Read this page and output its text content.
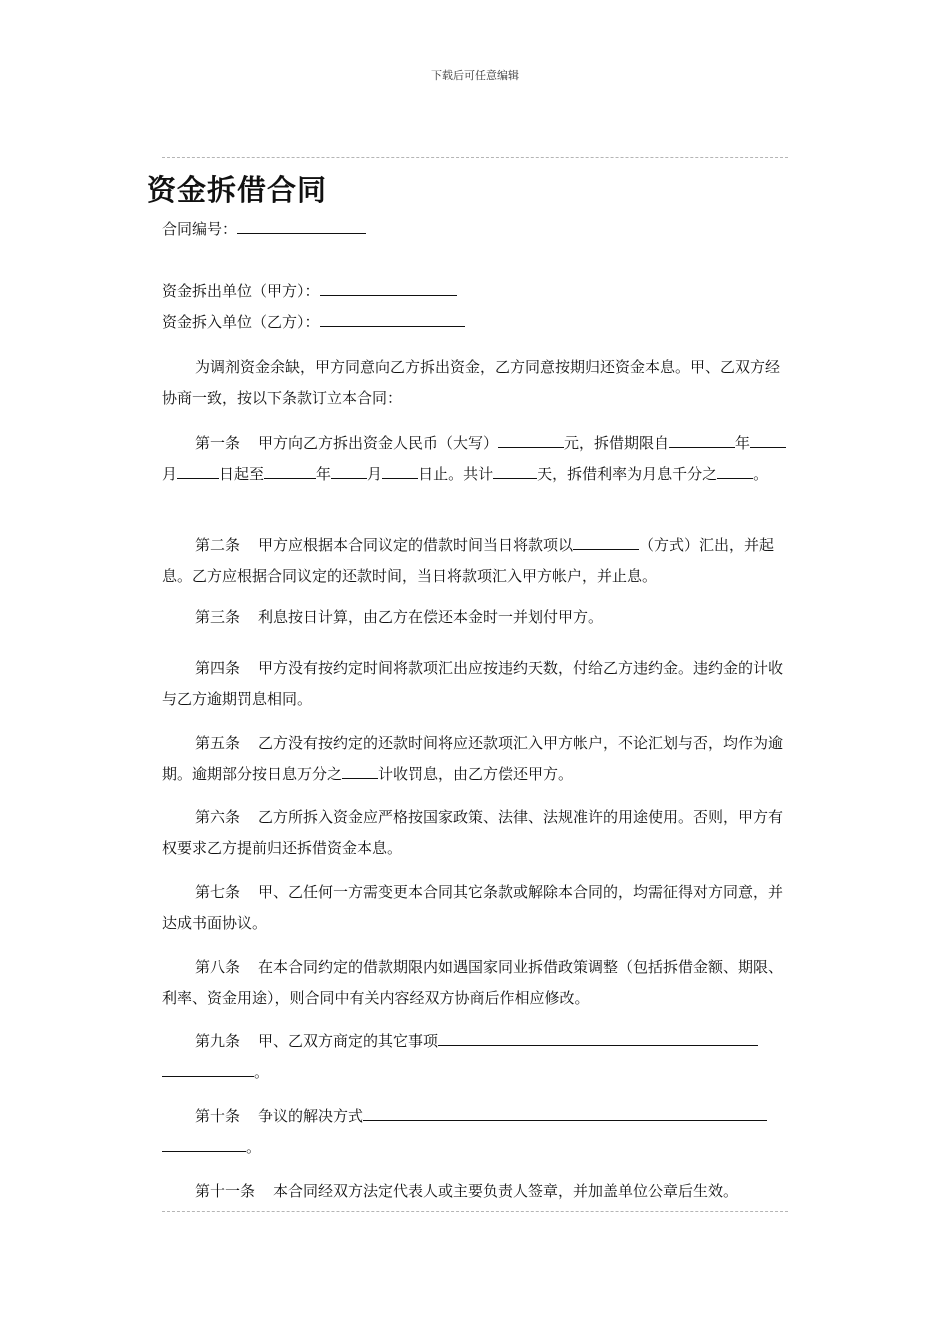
下载后可任意编辑
资金拆借合同
合同编号：
资金拆出单位（甲方）：
资金拆入单位（乙方）：
为调剂资金余缺，甲方同意向乙方拆出资金，乙方同意按期归还资金本息。甲、乙双方经协商一致，按以下条款订立本合同：
第一条 甲方向乙方拆出资金人民币（大写）	元，拆借期限自	年月	日起至	年 月 日止。共计	天，拆借利率为月息千分之 。
第二条 甲方应根据本合同议定的借款时间当日将款项以	（方式）汇出，并起息。乙方应根据合同议定的还款时间，当日将款项汇入甲方帐户，并止息。
第三条 利息按日计算，由乙方在偿还本金时一并划付甲方。
第四条 甲方没有按约定时间将款项汇出应按违约天数，付给乙方违约金。违约金的计收与乙方逾期罚息相同。
第五条 乙方没有按约定的还款时间将应还款项汇入甲方帐户，不论汇划与否，均作为逾期。逾期部分按日息万分之 计收罚息，由乙方偿还甲方。
第六条 乙方所拆入资金应严格按国家政策、法律、法规准许的用途使用。否则，甲方有权要求乙方提前归还拆借资金本息。
第七条 甲、乙任何一方需变更本合同其它条款或解除本合同的，均需征得对方同意，并达成书面协议。
第八条 在本合同约定的借款期限内如遇国家同业拆借政策调整（包括拆借金额、期限、利率、资金用途），则合同中有关内容经双方协商后作相应修改。
第九条 甲、乙双方商定的其它事项。
第十条 争议的解决方式。
第十一条 本合同经双方法定代表人或主要负责人签章，并加盖单位公章后生效。
